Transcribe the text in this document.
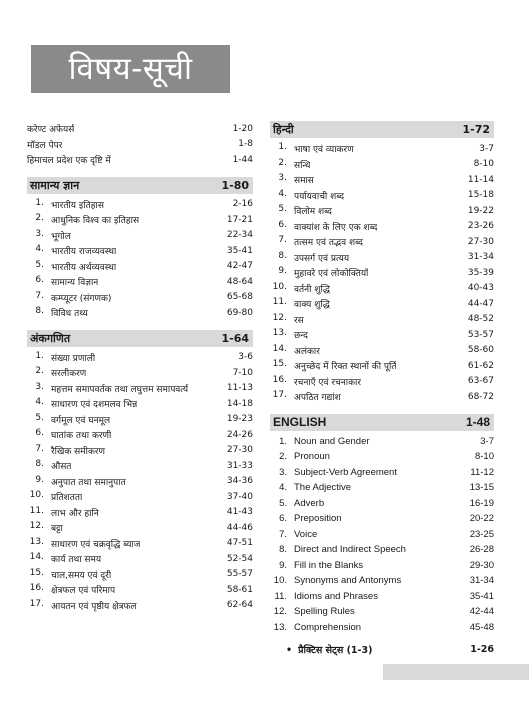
विषय-सूची
करेण्ट अफेयर्स	1-20
मॉडल पेपर	1-8
हिमाचल प्रदेश एक दृष्टि में	1-44
सामान्य ज्ञान	1-80
1. भारतीय इतिहास	2-16
2. आधुनिक विश्व का इतिहास	17-21
3. भूगोल	22-34
4. भारतीय राजव्यवस्था	35-41
5. भारतीय अर्थव्यवस्था	42-47
6. सामान्य विज्ञान	48-64
7. कम्प्यूटर (संगणक)	65-68
8. विविध तथ्य	69-80
अंकगणित	1-64
1. संख्या प्रणाली	3-6
2. सरलीकरण	7-10
3. महत्तम समापवर्तक तथा लघुत्तम समापवर्त्य	11-13
4. साधारण एवं दशमलव भिन्न	14-18
5. वर्गमूल एवं घनमूल	19-23
6. घातांक तथा करणी	24-26
7. रैखिक समीकरण	27-30
8. औसत	31-33
9. अनुपात तथा समानुपात	34-36
10. प्रतिशतता	37-40
11. लाभ और हानि	41-43
12. बट्टा	44-46
13. साधारण एवं चक्रवृद्धि ब्याज	47-51
14. कार्य तथा समय	52-54
15. चाल,समय एवं दूरी	55-57
16. क्षेत्रफल एवं परिमाप	58-61
17. आयतन एवं पृष्ठीय क्षेत्रफल	62-64
हिन्दी	1-72
1. भाषा एवं व्याकरण	3-7
2. सन्धि	8-10
3. समास	11-14
4. पर्यायवाची शब्द	15-18
5. विलोम शब्द	19-22
6. वाक्यांश के लिए एक शब्द	23-26
7. तत्सम एवं तद्भव शब्द	27-30
8. उपसर्ग एवं प्रत्यय	31-34
9. मुहावरे एवं लोकोक्तियाँ	35-39
10. वर्तनी शुद्धि	40-43
11. वाक्य शुद्धि	44-47
12. रस	48-52
13. छन्द	53-57
14. अलंकार	58-60
15. अनुच्छेद में रिक्त स्थानों की पूर्ति	61-62
16. रचनाएँ एवं रचनाकार	63-67
17. अपठित गद्यांश	68-72
ENGLISH	1-48
1. Noun and Gender	3-7
2. Pronoun	8-10
3. Subject-Verb Agreement	11-12
4. The Adjective	13-15
5. Adverb	16-19
6. Preposition	20-22
7. Voice	23-25
8. Direct and Indirect Speech	26-28
9. Fill in the Blanks	29-30
10. Synonyms and Antonyms	31-34
11. Idioms and Phrases	35-41
12. Spelling Rules	42-44
13. Comprehension	45-48
• प्रैक्टिस सेट्स (1-3)	1-26
